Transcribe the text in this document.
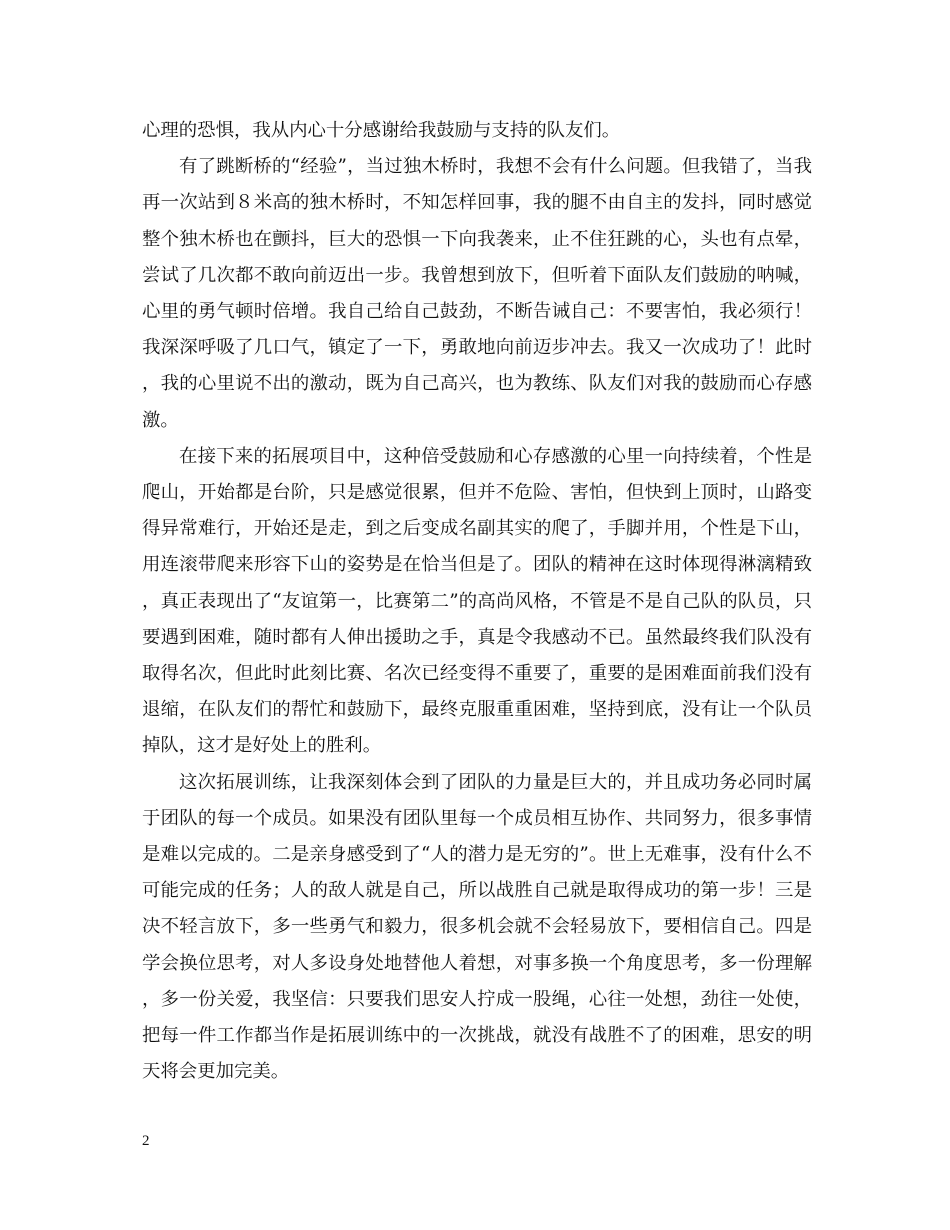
心理的恐惧，我从内心十分感谢给我鼓励与支持的队友们。

有了跳断桥的“经验”，当过独木桥时，我想不会有什么问题。但我错了，当我再一次站到８米高的独木桥时，不知怎样回事，我的腿不由自主的发抖，同时感觉整个独木桥也在颤抖，巨大的恐惧一下向我袭来，止不住狂跳的心，头也有点晕，尝试了几次都不敢向前迈出一步。我曾想到放下，但听着下面队友们鼓励的呐喊，心里的勇气顿时倍增。我自己给自己鼓劲，不断告诫自己：不要害怕，我必须行！我深深呼吸了几口气，镇定了一下，勇敢地向前迈步冲去。我又一次成功了！此时，我的心里说不出的激动，既为自己高兴，也为教练、队友们对我的鼓励而心存感激。

在接下来的拓展项目中，这种倍受鼓励和心存感激的心里一向持续着，个性是爬山，开始都是台阶，只是感觉很累，但并不危险、害怕，但快到上顶时，山路变得异常难行，开始还是走，到之后变成名副其实的爬了，手脚并用，个性是下山，用连滚带爬来形容下山的姿势是在恰当但是了。团队的精神在这时体现得淋漓精致，真正表现出了“友谊第一，比赛第二”的高尚风格，不管是不是自己队的队员，只要遇到困难，随时都有人伸出援助之手，真是令我感动不已。虽然最终我们队没有取得名次，但此时此刻比赛、名次已经变得不重要了，重要的是困难面前我们没有退缩，在队友们的帮忙和鼓励下，最终克服重重困难，坚持到底，没有让一个队员掉队，这才是好处上的胜利。

这次拓展训练，让我深刻体会到了团队的力量是巨大的，并且成功务必同时属于团队的每一个成员。如果没有团队里每一个成员相互协作、共同努力，很多事情是难以完成的。二是亲身感受到了“人的潜力是无穷的”。世上无难事，没有什么不可能完成的任务；人的敌人就是自己，所以战胜自己就是取得成功的第一步！三是决不轻言放下，多一些勇气和毅力，很多机会就不会轻易放下，要相信自己。四是学会换位思考，对人多设身处地替他人着想，对事多换一个角度思考，多一份理解，多一份关爱，我坚信：只要我们思安人拧成一股绳，心往一处想，劲往一处使，把每一件工作都当作是拓展训练中的一次挑战，就没有战胜不了的困难，思安的明天将会更加完美。

2
